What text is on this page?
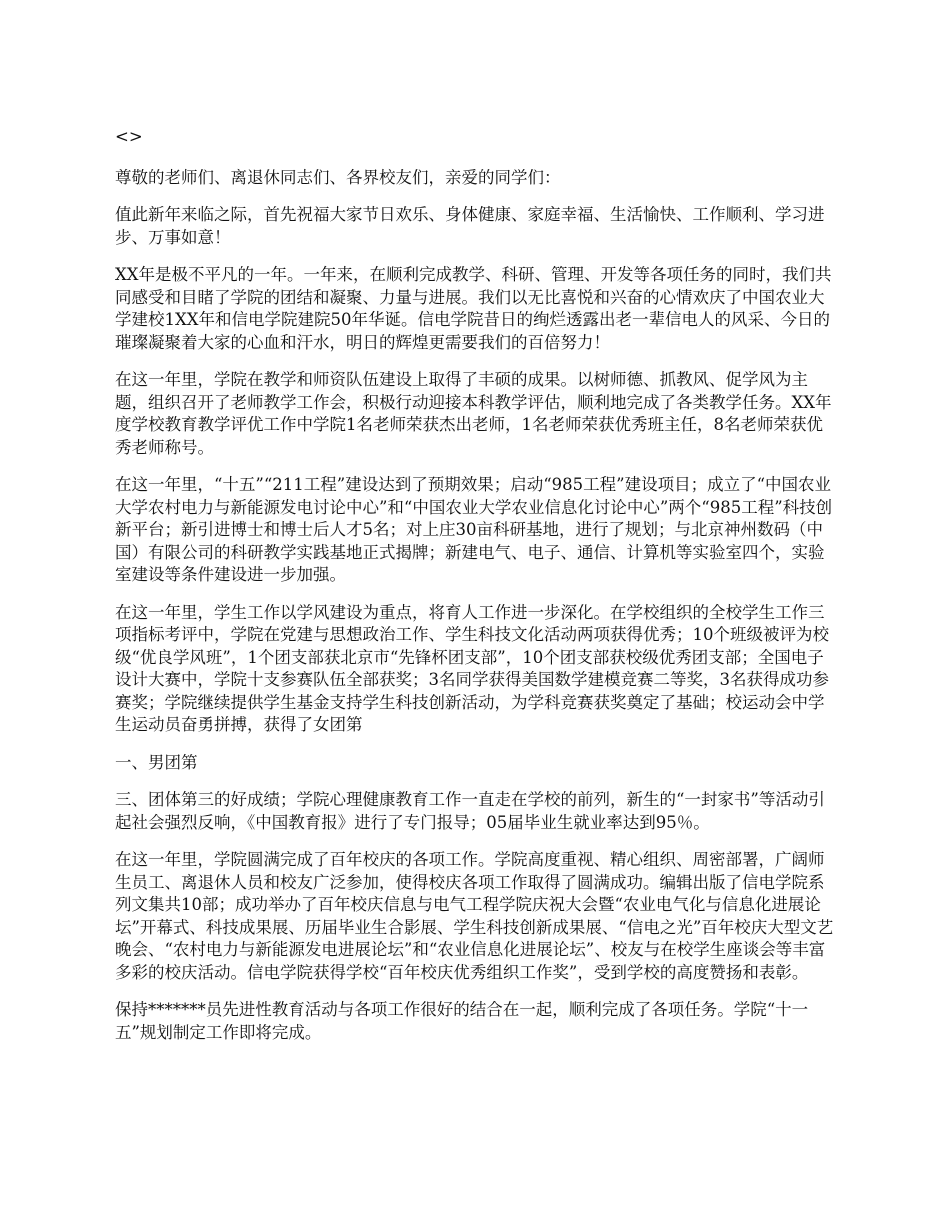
<>

尊敬的老师们、离退休同志们、各界校友们，亲爱的同学们：

值此新年来临之际，首先祝福大家节日欢乐、身体健康、家庭幸福、生活愉快、工作顺利、学习进步、万事如意！

XX年是极不平凡的一年。一年来，在顺利完成教学、科研、管理、开发等各项任务的同时，我们共同感受和目睹了学院的团结和凝聚、力量与进展。我们以无比喜悦和兴奋的心情欢庆了中国农业大学建校1XX年和信电学院建院50年华诞。信电学院昔日的绚烂透露出老一辈信电人的风采、今日的璀璨凝聚着大家的心血和汗水，明日的辉煌更需要我们的百倍努力！

在这一年里，学院在教学和师资队伍建设上取得了丰硕的成果。以树师德、抓教风、促学风为主题，组织召开了老师教学工作会，积极行动迎接本科教学评估，顺利地完成了各类教学任务。XX年度学校教育教学评优工作中学院1名老师荣获杰出老师，1名老师荣获优秀班主任，8名老师荣获优秀老师称号。

在这一年里，“十五”“211工程”建设达到了预期效果；启动“985工程”建设项目；成立了“中国农业大学农村电力与新能源发电讨论中心”和“中国农业大学农业信息化讨论中心”两个“985工程”科技创新平台；新引进博士和博士后人才5名；对上庄30亩科研基地，进行了规划；与北京神州数码（中国）有限公司的科研教学实践基地正式揭牌；新建电气、电子、通信、计算机等实验室四个，实验室建设等条件建设进一步加强。

在这一年里，学生工作以学风建设为重点，将育人工作进一步深化。在学校组织的全校学生工作三项指标考评中，学院在党建与思想政治工作、学生科技文化活动两项获得优秀；10个班级被评为校级“优良学风班”，1个团支部获北京市“先锋杯团支部”，10个团支部获校级优秀团支部；全国电子设计大赛中，学院十支参赛队伍全部获奖；3名同学获得美国数学建模竞赛二等奖，3名获得成功参赛奖；学院继续提供学生基金支持学生科技创新活动，为学科竞赛获奖奠定了基础；校运动会中学生运动员奋勇拼搏，获得了女团第

一、男团第

三、团体第三的好成绩；学院心理健康教育工作一直走在学校的前列，新生的“一封家书”等活动引起社会强烈反响，《中国教育报》进行了专门报导；05届毕业生就业率达到95％。

在这一年里，学院圆满完成了百年校庆的各项工作。学院高度重视、精心组织、周密部署，广阔师生员工、离退休人员和校友广泛参加，使得校庆各项工作取得了圆满成功。编辑出版了信电学院系列文集共10部；成功举办了百年校庆信息与电气工程学院庆祝大会暨“农业电气化与信息化进展论坛”开幕式、科技成果展、历届毕业生合影展、学生科技创新成果展、“信电之光”百年校庆大型文艺晚会、“农村电力与新能源发电进展论坛”和“农业信息化进展论坛”、校友与在校学生座谈会等丰富多彩的校庆活动。信电学院获得学校“百年校庆优秀组织工作奖”，受到学校的高度赞扬和表彰。

保持*******员先进性教育活动与各项工作很好的结合在一起，顺利完成了各项任务。学院“十一五”规划制定工作即将完成。
